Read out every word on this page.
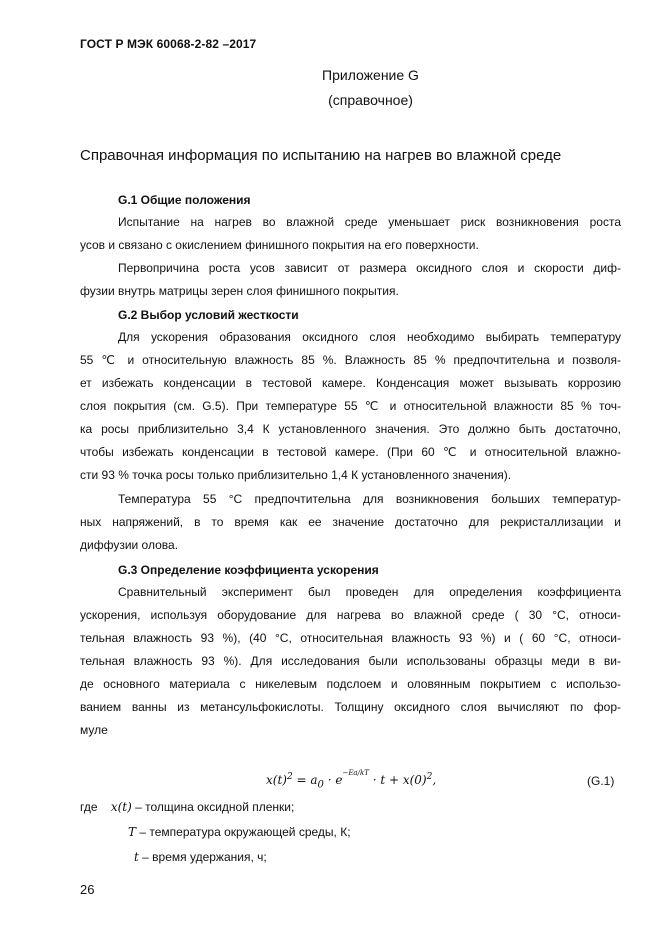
ГОСТ Р МЭК 60068-2-82 –2017
Приложение G
(справочное)
Справочная информация по испытанию на нагрев во влажной среде
G.1 Общие положения
Испытание на нагрев во влажной среде уменьшает риск возникновения роста
усов и связано с окислением финишного покрытия на его поверхности.
Первопричина роста усов зависит от размера оксидного слоя и скорости диф-
фузии внутрь матрицы зерен слоя финишного покрытия.
G.2 Выбор условий жесткости
Для ускорения образования оксидного слоя необходимо выбирать температуру
55 ℃ и относительную влажность 85 %. Влажность 85 % предпочтительна и позволя-
ет избежать конденсации в тестовой камере. Конденсация может вызывать коррозию
слоя покрытия (см. G.5). При температуре 55 ℃ и относительной влажности 85 % точ-
ка росы приблизительно 3,4 К установленного значения. Это должно быть достаточно,
чтобы избежать конденсации в тестовой камере. (При 60 ℃ и относительной влажно-
сти 93 % точка росы только приблизительно 1,4 К установленного значения).
Температура 55 °С предпочтительна для возникновения больших температур-
ных напряжений, в то время как ее значение достаточно для рекристаллизации и
диффузии олова.
G.3 Определение коэффициента ускорения
Сравнительный эксперимент был проведен для определения коэффициента
ускорения, используя оборудование для нагрева во влажной среде ( 30 °С, относи-
тельная влажность 93 %), (40 °С, относительная влажность 93 %) и ( 60 °С, относи-
тельная влажность 93 %). Для исследования были использованы образцы меди в ви-
де основного материала с никелевым подслоем и оловянным покрытием с использо-
ванием ванны из метансульфокислоты. Толщину оксидного слоя вычисляют по фор-
муле
$x(t)^2 = a_0 \cdot e^{-Ea/kT} \cdot t + x(0)^2$,	(G.1)
где x(t) – толщина оксидной пленки;
T – температура окружающей среды, К;
t – время удержания, ч;
26
